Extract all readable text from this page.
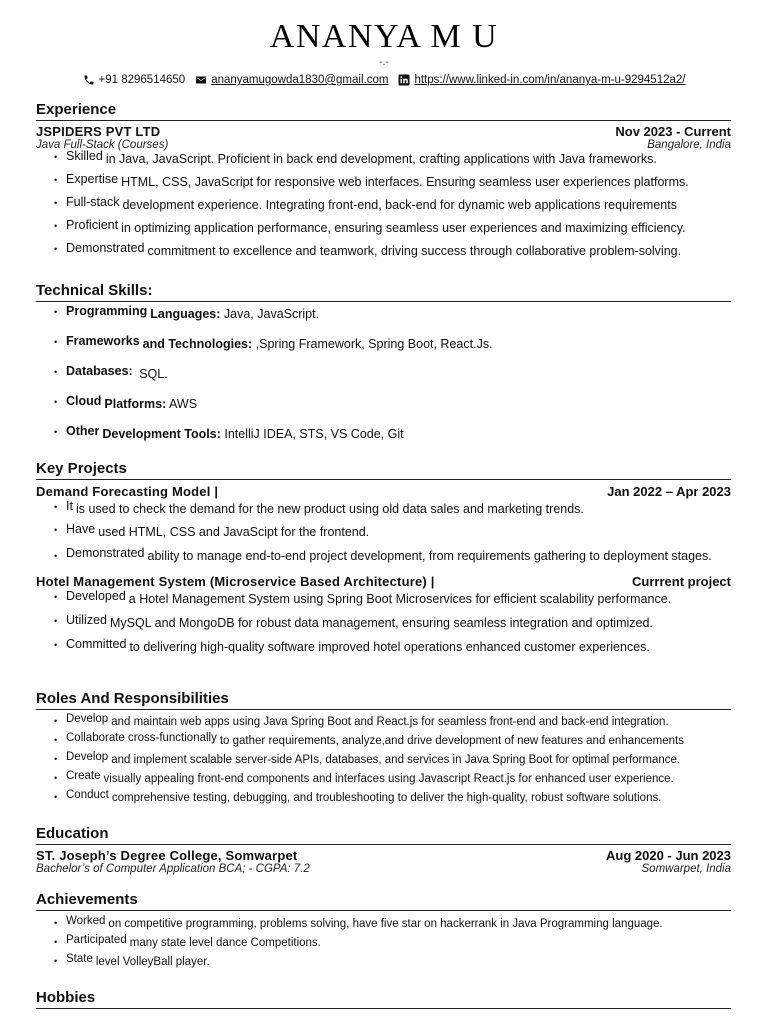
ANANYA M U
-.-
+91 8296514650 ananyamugowda1830@gmail.com https://www.linked-in.com/in/ananya-m-u-9294512a2/
Experience
JSPIDERS PVT LTD	Nov 2023 - Current
Java Full-Stack (Courses)	Bangalore, India
• Skilled in Java, JavaScript. Proficient in back end development, crafting applications with Java frameworks.
• Expertise HTML, CSS, JavaScript for responsive web interfaces. Ensuring seamless user experiences platforms.
• Full-stack development experience. Integrating front-end, back-end for dynamic web applications requirements
• Proficient in optimizing application performance, ensuring seamless user experiences and maximizing efficiency.
• Demonstrated commitment to excellence and teamwork, driving success through collaborative problem-solving.
Technical Skills:
• Programming Languages: Java, JavaScript.
• Frameworks and Technologies: ,Spring Framework, Spring Boot, React.Js.
• Databases: SQL.
• Cloud Platforms: AWS
• Other Development Tools: IntelliJ IDEA, STS, VS Code, Git
Key Projects
Demand Forecasting Model |	Jan 2022 – Apr 2023
• It is used to check the demand for the new product using old data sales and marketing trends.
• Have used HTML, CSS and JavaScipt for the frontend.
• Demonstrated ability to manage end-to-end project development, from requirements gathering to deployment stages.
Hotel Management System (Microservice Based Architecture) |	Currrent project
• Developed a Hotel Management System using Spring Boot Microservices for efficient scalability performance.
• Utilized MySQL and MongoDB for robust data management, ensuring seamless integration and optimized.
• Committed to delivering high-quality software improved hotel operations enhanced customer experiences.
Roles And Responsibilities
• Develop and maintain web apps using Java Spring Boot and React.js for seamless front-end and back-end integration.
• Collaborate cross-functionally to gather requirements, analyze,and drive development of new features and enhancements
• Develop and implement scalable server-side APIs, databases, and services in Java Spring Boot for optimal performance.
• Create visually appealing front-end components and interfaces using Javascript React.js for enhanced user experience.
• Conduct comprehensive testing, debugging, and troubleshooting to deliver the high-quality, robust software solutions.
Education
ST. Joseph’s Degree College, Somwarpet	Aug 2020 - Jun 2023
Bachelor’s of Computer Application BCA; - CGPA: 7.2	Somwarpet, India
Achievements
• Worked on competitive programming, problems solving, have five star on hackerrank in Java Programming language.
• Participated many state level dance Competitions.
• State level VolleyBall player.
Hobbies
